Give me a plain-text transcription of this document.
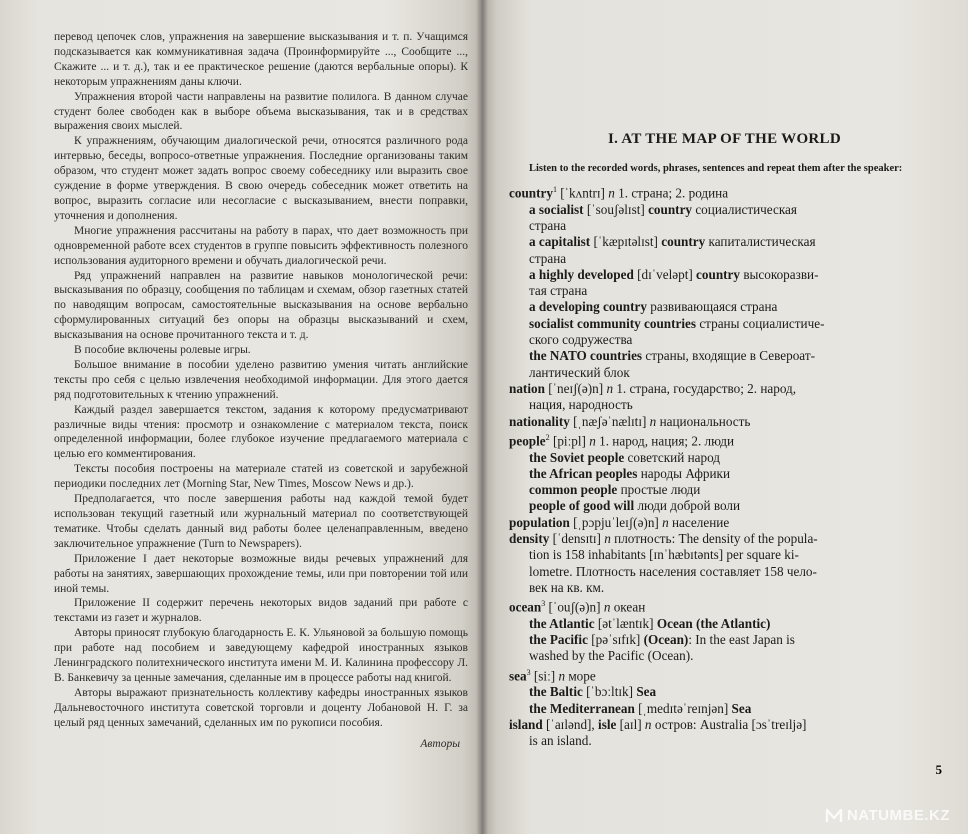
перевод цепочек слов, упражнения на завершение высказывания и т. п. Учащимся подсказывается как коммуникативная задача (Проинформируйте ..., Сообщите ..., Скажите ... и т. д.), так и ее практическое решение (даются вербальные опоры). К некоторым упражнениям даны ключи.

Упражнения второй части направлены на развитие полилога. В данном случае студент более свободен как в выборе объема высказывания, так и в средствах выражения своих мыслей.

К упражнениям, обучающим диалогической речи, относятся различного рода интервью, беседы, вопросо-ответные упражнения. Последние организованы таким образом, что студент может задать вопрос своему собеседнику или выразить свое суждение в форме утверждения. В свою очередь собеседник может ответить на вопрос, выразить согласие или несогласие с высказыванием, внести поправки, уточнения и дополнения.

Многие упражнения рассчитаны на работу в парах, что дает возможность при одновременной работе всех студентов в группе повысить эффективность полезного использования аудиторного времени и обучать диалогической речи.

Ряд упражнений направлен на развитие навыков монологической речи: высказывания по образцу, сообщения по таблицам и схемам, обзор газетных статей по наводящим вопросам, самостоятельные высказывания на основе вербально сформулированных ситуаций без опоры на образцы высказываний и схем, высказывания на основе прочитанного текста и т. д.

В пособие включены ролевые игры.

Большое внимание в пособии уделено развитию умения читать английские тексты про себя с целью извлечения необходимой информации. Для этого дается ряд подготовительных к чтению упражнений.

Каждый раздел завершается текстом, задания к которому предусматривают различные виды чтения: просмотр и ознакомление с материалом текста, поиск определенной информации, более глубокое изучение предлагаемого материала с целью его комментирования.

Тексты пособия построены на материале статей из советской и зарубежной периодики последних лет (Morning Star, New Times, Moscow News и др.).

Предполагается, что после завершения работы над каждой темой будет использован текущий газетный или журнальный материал по соответствующей тематике. Чтобы сделать данный вид работы более целенаправленным, введено заключительное упражнение (Turn to Newspapers).

Приложение I дает некоторые возможные виды речевых упражнений для работы на занятиях, завершающих прохождение темы, или при повторении той или иной темы.

Приложение II содержит перечень некоторых видов заданий при работе с текстами из газет и журналов.

Авторы приносят глубокую благодарность Е. К. Ульяновой за большую помощь при работе над пособием и заведующему кафедрой иностранных языков Ленинградского политехнического института имени М. И. Калинина профессору Л. В. Банкевичу за ценные замечания, сделанные им в процессе работы над книгой.

Авторы выражают признательность коллективу кафедры иностранных языков Дальневосточного института советской торговли и доценту Лобановой Н. Г. за целый ряд ценных замечаний, сделанных им по рукописи пособия.

Авторы

I. AT THE MAP OF THE WORLD
Listen to the recorded words, phrases, sentences and repeat them after the speaker:
country$^1$ [ˈkʌntrɪ] n 1. страна; 2. родина
a socialist [ˈsouʃəlɪst] country социалистическая
страна
a capitalist [ˈkæpɪtəlɪst] country капиталистическая
страна
a highly developed [dɪˈveləpt] country высокоразви-
тая страна
a developing country развивающаяся страна
socialist community countries страны социалистиче-
ского содружества
the NATO countries страны, входящие в Североат-
лантический блок
nation [ˈneɪʃ(ə)n] n 1. страна, государство; 2. народ,
нация, народность
nationality [ˌnæʃəˈnælɪtɪ] n национальность
people$^2$ [piːpl] n 1. народ, нация; 2. люди
the Soviet people советский народ
the African peoples народы Африки
common people простые люди
people of good will люди доброй воли
population [ˌpɔpjuˈleɪʃ(ə)n] n население
density [ˈdensɪtɪ] n плотность: The density of the popula-
tion is 158 inhabitants [ɪnˈhæbɪtənts] per square ki-
lometre. Плотность населения составляет 158 чело-
век на кв. км.
ocean$^3$ [ˈouʃ(ə)n] n океан
the Atlantic [ətˈlæntɪk] Ocean (the Atlantic)
the Pacific [pəˈsɪfɪk] (Ocean): In the east Japan is
washed by the Pacific (Ocean).
sea$^3$ [siː] n море
the Baltic [ˈbɔːltɪk] Sea
the Mediterranean [ˌmedɪtəˈreɪnjən] Sea
island [ˈaɪlənd], isle [aɪl] n остров: Australia [ɔsˈtreɪljə]
is an island.
5
NATUMBE.KZ
